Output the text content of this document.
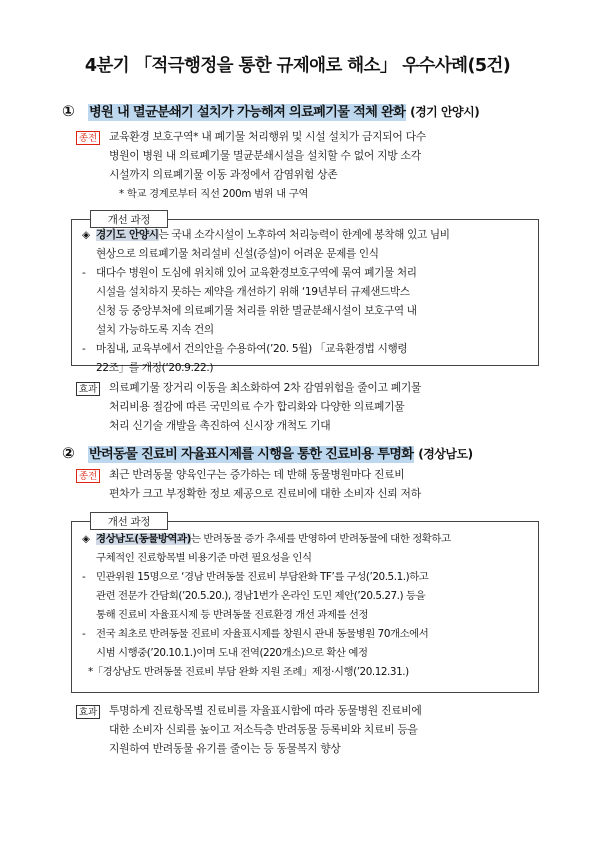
4분기 「적극행정을 통한 규제애로 해소」 우수사례(5건)
① 병원 내 멸균분쇄기 설치가 가능해져 의료폐기물 적체 완화 (경기 안양시)
종전 교육환경 보호구역* 내 폐기물 처리행위 및 시설 설치가 금지되어 다수
병원이 병원 내 의료폐기물 멸균분쇄시설을 설치할 수 없어 지방 소각
시설까지 의료폐기물 이동 과정에서 감염위험 상존
* 학교 경계로부터 직선 200m 범위 내 구역
개선 과정
◈ 경기도 안양시는 국내 소각시설이 노후하여 처리능력이 한계에 봉착해 있고 님비
현상으로 의료폐기물 처리설비 신설(증설)이 어려운 문제를 인식
- 대다수 병원이 도심에 위치해 있어 교육환경보호구역에 묶여 폐기물 처리
시설을 설치하지 못하는 제약을 개선하기 위해 ‘19년부터 규제샌드박스
신청 등 중앙부처에 의료폐기물 처리를 위한 멸균분쇄시설이 보호구역 내
설치 가능하도록 지속 건의
- 마침내, 교육부에서 건의안을 수용하여(’20. 5월) 「교육환경법 시행령
22조」를 개정(’20.9.22.)
효과 의료폐기물 장거리 이동을 최소화하여 2차 감염위험을 줄이고 폐기물
처리비용 절감에 따른 국민의료 수가 합리화와 다양한 의료폐기물
처리 신기술 개발을 촉진하여 신시장 개척도 기대
② 반려동물 진료비 자율표시제를 시행을 통한 진료비용 투명화 (경상남도)
종전 최근 반려동물 양육인구는 증가하는 데 반해 동물병원마다 진료비
편차가 크고 부정확한 정보 제공으로 진료비에 대한 소비자 신뢰 저하
개선 과정
◈ 경상남도(동물방역과)는 반려동물 증가 추세를 반영하여 반려동물에 대한 정확하고
구체적인 진료항목별 비용기준 마련 필요성을 인식
-	민관위원 15명으로 ‘경남 반려동물 진료비 부담완화 TF’를 구성(’20.5.1.)하고
관련 전문가 간담회(’20.5.20.), 경남1번가 온라인 도민 제안(’20.5.27.) 등을
통해 진료비 자율표시제 등 반려동물 진료환경 개선 과제를 선정
-	전국 최초로 반려동물 진료비 자율표시제를 창원시 관내 동물병원 70개소에서
시범 시행중(’20.10.1.)이며 도내 전역(220개소)으로 확산 예정
*「경상남도 반려동물 진료비 부담 완화 지원 조례」제정·시행(’20.12.31.)
효과 투명하게 진료항목별 진료비를 자율표시함에 따라 동물병원 진료비에
대한 소비자 신뢰를 높이고 저소득층 반려동물 등록비와 치료비 등을
지원하여 반려동물 유기를 줄이는 등 동물복지 향상
